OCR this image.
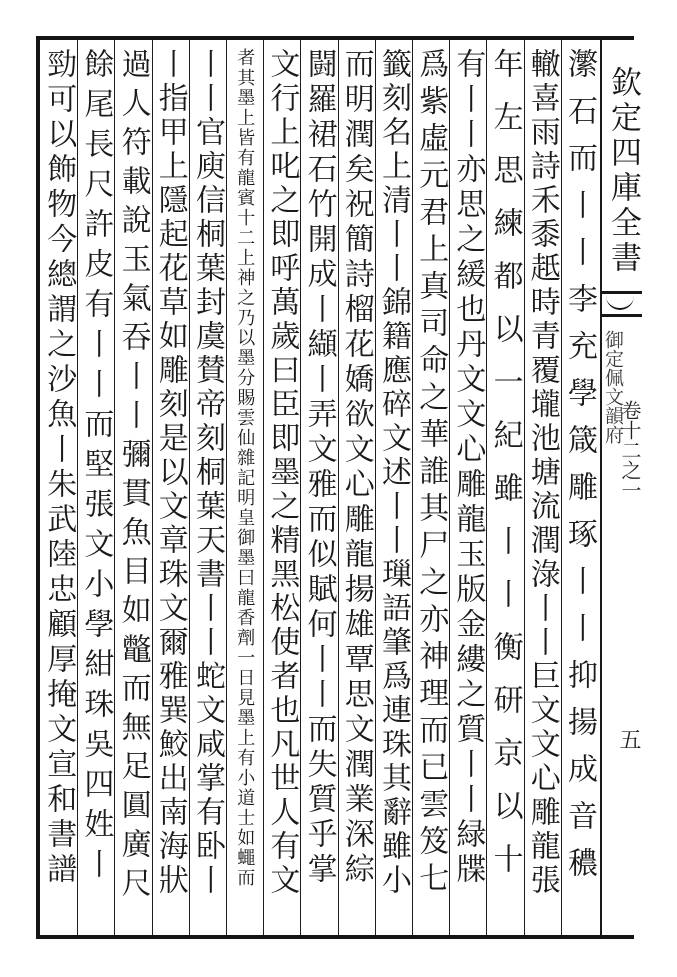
欽定四庫全書
御定佩文韻府
卷十二之一
五
瀿石而丨丨李充學箴雕琢丨丨抑揚成音穠
轍喜雨詩禾黍赿時青覆壠池塘流潤淥丨丨巨文文心雕龍張
年左思練都以一紀雖丨丨衡研京以十
有丨丨亦思之緩也丹文文心雕龍玉版金縷之質丨丨緑牒
爲紫虛元君上真司命之華誰其尸之亦神理而已雲笈七
籤刻名上清丨丨錦籍應碎文述丨丨璅語肇爲連珠其辭雖小
而明潤矣祝簡詩榴花嬌欲文心雕龍揚雄覃思文潤業深綜
闘羅裙石竹開成丨纈丨弄文雅而似賦何丨丨而失質乎掌
文行上叱之即呼萬歲曰臣即墨之精黑松使者也凡世人有文
者其墨上皆有龍賓十二上神之乃以墨分賜雲仙雜記明皇御墨曰龍香劑一日見墨上有小道士如蠅而
丨丨官庾信桐葉封虞賛帝刻桐葉天書丨丨蛇文咸掌有卧丨
丨指甲上隱起花草如雕刻是以文章珠文爾雅巽鮫出南海狀
過人符載說玉氣吞丨丨彌貫魚目如鼈而無足圓廣尺
餘尾長尺許皮有丨丨而堅張文小學紺珠吳四姓丨
勁可以飾物今總謂之沙魚丨朱武陸忠顧厚掩文宣和書譜
